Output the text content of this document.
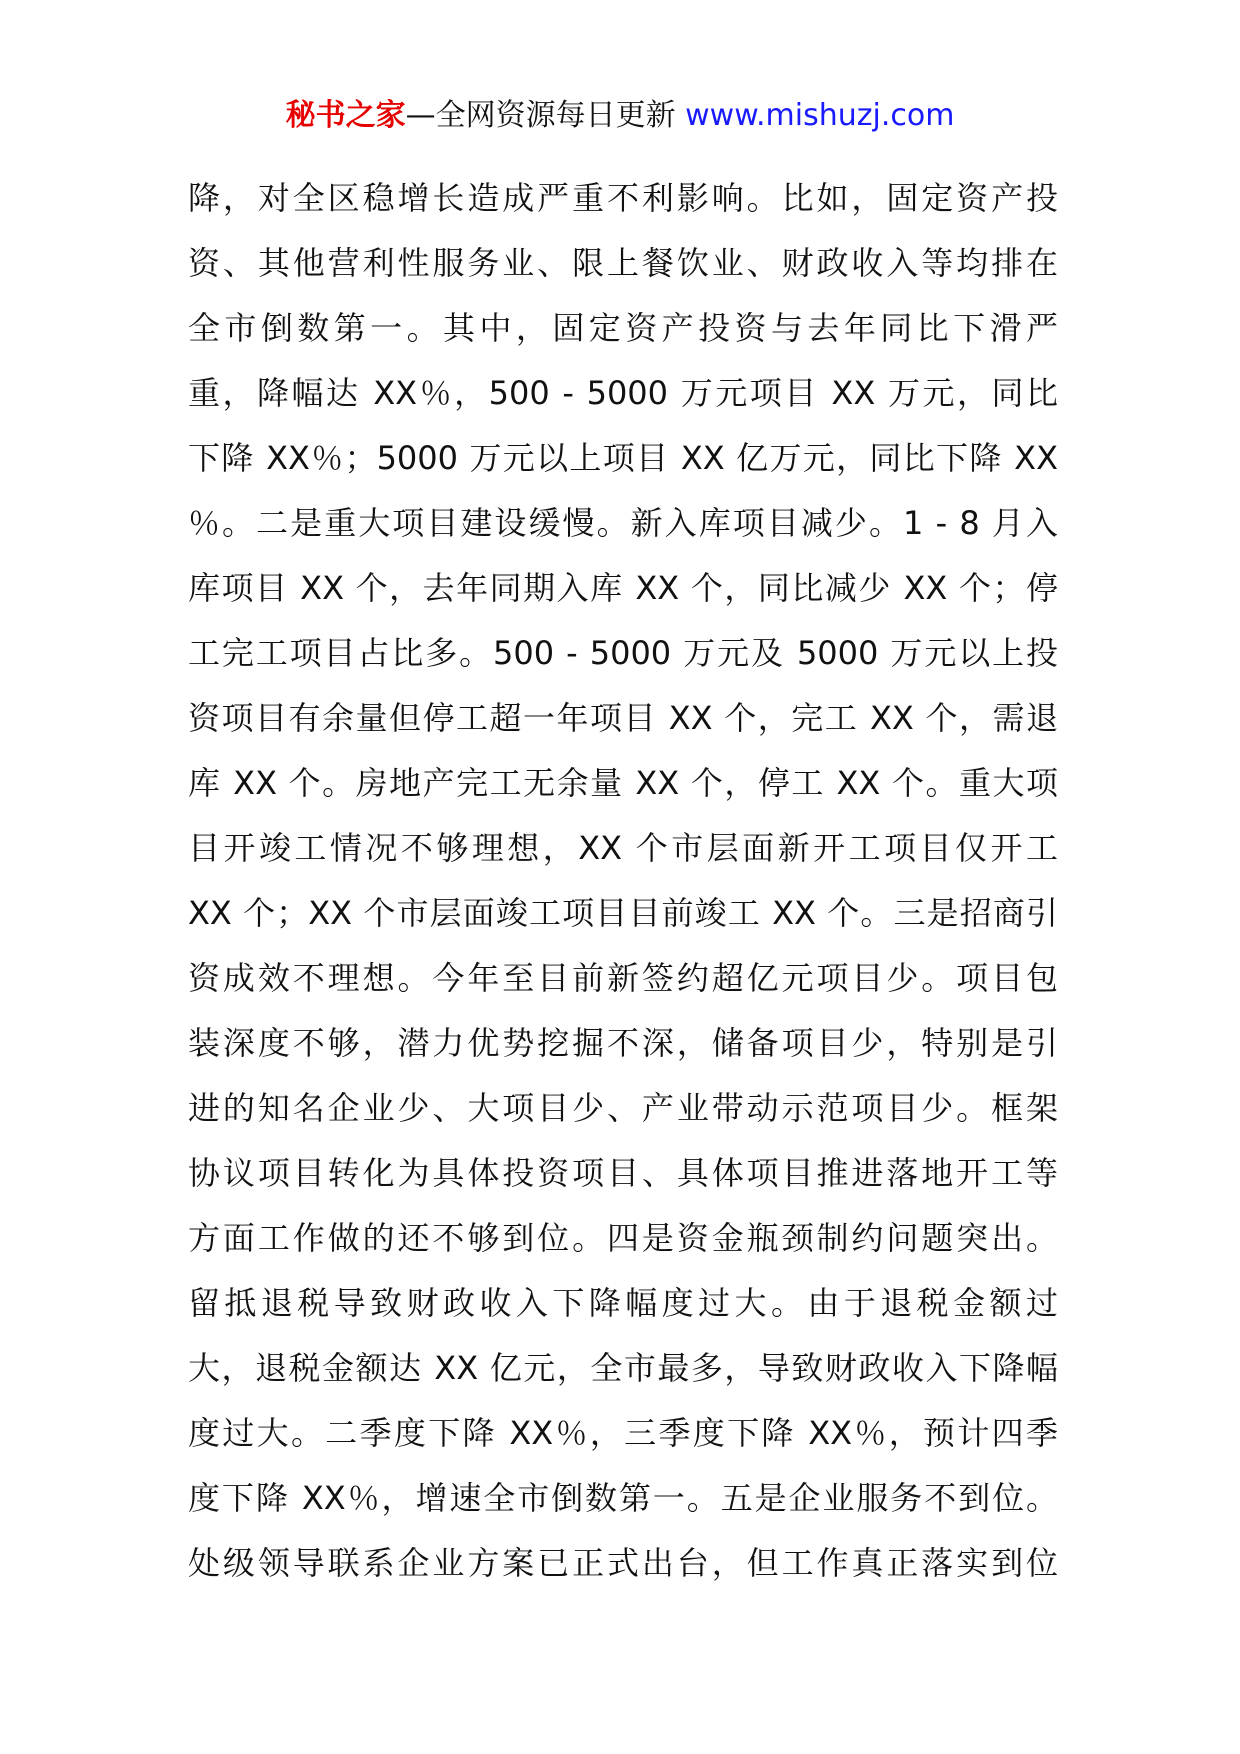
秘书之家—全网资源每日更新 www.mishuzj.com
降，对全区稳增长造成严重不利影响。比如，固定资产投
资、其他营利性服务业、限上餐饮业、财政收入等均排在
全市倒数第一。其中，固定资产投资与去年同比下滑严
重，降幅达 XX％，500 - 5000 万元项目 XX 万元，同比
下降 XX％；5000 万元以上项目 XX 亿万元，同比下降 XX
％。二是重大项目建设缓慢。新入库项目减少。1 - 8 月入
库项目 XX 个，去年同期入库 XX 个，同比减少 XX 个；停
工完工项目占比多。500 - 5000 万元及 5000 万元以上投
资项目有余量但停工超一年项目 XX 个，完工 XX 个，需退
库 XX 个。房地产完工无余量 XX 个，停工 XX 个。重大项
目开竣工情况不够理想，XX 个市层面新开工项目仅开工
XX 个；XX 个市层面竣工项目目前竣工 XX 个。三是招商引
资成效不理想。今年至目前新签约超亿元项目少。项目包
装深度不够，潜力优势挖掘不深，储备项目少，特别是引
进的知名企业少、大项目少、产业带动示范项目少。框架
协议项目转化为具体投资项目、具体项目推进落地开工等
方面工作做的还不够到位。四是资金瓶颈制约问题突出。
留抵退税导致财政收入下降幅度过大。由于退税金额过
大，退税金额达 XX 亿元，全市最多，导致财政收入下降幅
度过大。二季度下降 XX％，三季度下降 XX％，预计四季
度下降 XX％，增速全市倒数第一。五是企业服务不到位。
处级领导联系企业方案已正式出台，但工作真正落实到位
